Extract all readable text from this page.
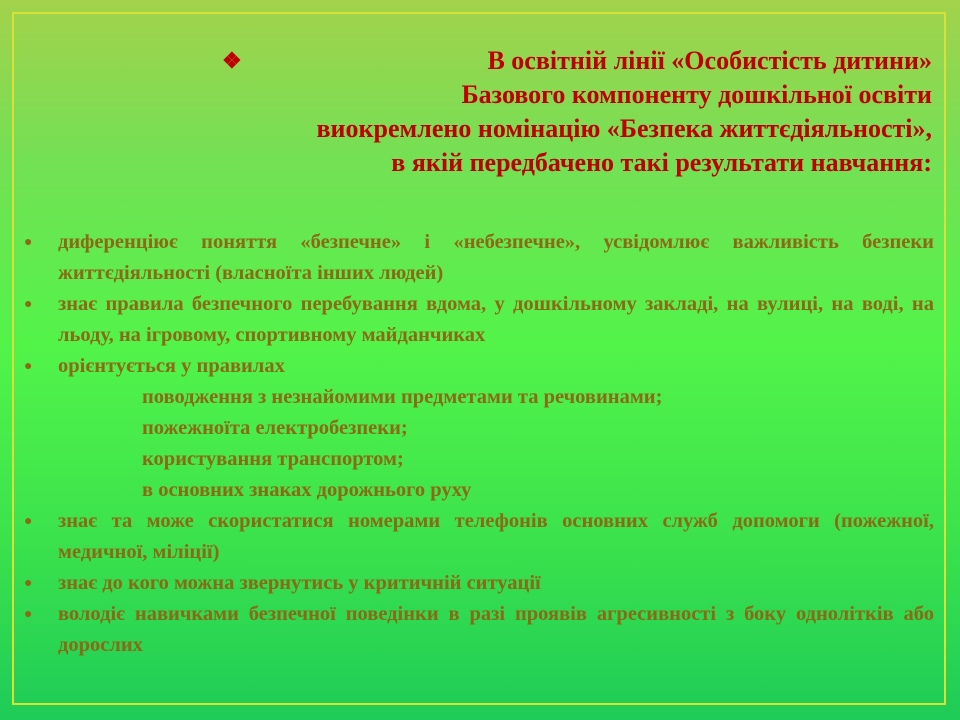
❖	В освітній лінії «Особистість дитини»
Базового компоненту дошкільної освіти
виокремлено номінацію «Безпека життєдіяльності»,
в якій передбачено такі результати навчання:
● диференціює поняття «безпечне» і «небезпечне», усвідомлює важливість безпеки життєдіяльності (власноїта інших людей)
● знає правила безпечного перебування вдома, у дошкільному закладі, на вулиці, на воді, на льоду, на ігровому, спортивному майданчиках
● орієнтується у правилах
поводження з незнайомими предметами та речовинами;
пожежноїта електробезпеки;
користування транспортом;
в основних знаках дорожнього руху
● знає та може скористатися номерами телефонів основних служб допомоги (пожежної, медичної, міліції)
● знає до кого можна звернутись у критичній ситуації
● володіє навичками безпечної поведінки в разі проявів агресивності з боку однолітків або дорослих
